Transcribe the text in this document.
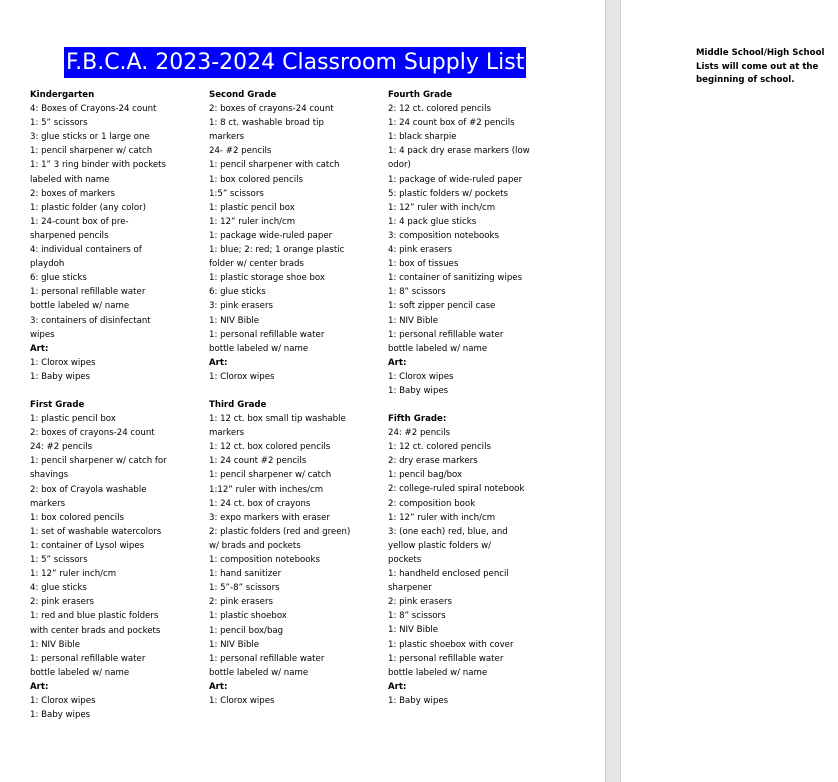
F.B.C.A. 2023-2024 Classroom Supply List
Kindergarten
4: Boxes of Crayons-24 count
1: 5” scissors
3: glue sticks or 1 large one
1: pencil sharpener w/ catch
1: 1” 3 ring binder with pockets
labeled with name
2: boxes of markers
1: plastic folder (any color)
1: 24-count box of pre-
sharpened pencils
4: individual containers of
playdoh
6: glue sticks
1: personal refillable water
bottle labeled w/ name
3: containers of disinfectant
wipes
Art:
1: Clorox wipes
1: Baby wipes
Second Grade
2: boxes of crayons-24 count
1: 8 ct. washable broad tip
markers
24- #2 pencils
1: pencil sharpener with catch
1: box colored pencils
1:5” scissors
1: plastic pencil box
1: 12” ruler inch/cm
1: package wide-ruled paper
1: blue; 2: red; 1 orange plastic
folder w/ center brads
1: plastic storage shoe box
6: glue sticks
3: pink erasers
1: NIV Bible
1: personal refillable water
bottle labeled w/ name
Art:
1: Clorox wipes
Fourth Grade
2: 12 ct. colored pencils
1: 24 count box of #2 pencils
1: black sharpie
1: 4 pack dry erase markers (low
odor)
1: package of wide-ruled paper
5: plastic folders w/ pockets
1: 12” ruler with inch/cm
1: 4 pack glue sticks
3: composition notebooks
4: pink erasers
1: box of tissues
1: container of sanitizing wipes
1: 8” scissors
1: soft zipper pencil case
1: NIV Bible
1: personal refillable water
bottle labeled w/ name
Art:
1: Clorox wipes
1: Baby wipes
First Grade
1: plastic pencil box
2: boxes of crayons-24 count
24: #2 pencils
1: pencil sharpener w/ catch for
shavings
2: box of Crayola washable
markers
1: box colored pencils
1: set of washable watercolors
1: container of Lysol wipes
1: 5” scissors
1: 12” ruler inch/cm
4: glue sticks
2: pink erasers
1: red and blue plastic folders
with center brads and pockets
1: NIV Bible
1: personal refillable water
bottle labeled w/ name
Art:
1: Clorox wipes
1: Baby wipes
Third Grade
1: 12 ct. box small tip washable
markers
1: 12 ct. box colored pencils
1: 24 count #2 pencils
1: pencil sharpener w/ catch
1:12” ruler with inches/cm
1: 24 ct. box of crayons
3: expo markers with eraser
2: plastic folders (red and green)
w/ brads and pockets
1: composition notebooks
1: hand sanitizer
1: 5”-8” scissors
2: pink erasers
1: plastic shoebox
1: pencil box/bag
1: NIV Bible
1: personal refillable water
bottle labeled w/ name
Art:
1: Clorox wipes
Fifth Grade:
24: #2 pencils
1: 12 ct. colored pencils
2: dry erase markers
1: pencil bag/box
2: college-ruled spiral notebook
2: composition book
1: 12” ruler with inch/cm
3: (one each) red, blue, and
yellow plastic folders w/
pockets
1: handheld enclosed pencil
sharpener
2: pink erasers
1: 8” scissors
1: NIV Bible
1: plastic shoebox with cover
1: personal refillable water
bottle labeled w/ name
Art:
1: Baby wipes
Middle School/High School
Lists will come out at the
beginning of school.
